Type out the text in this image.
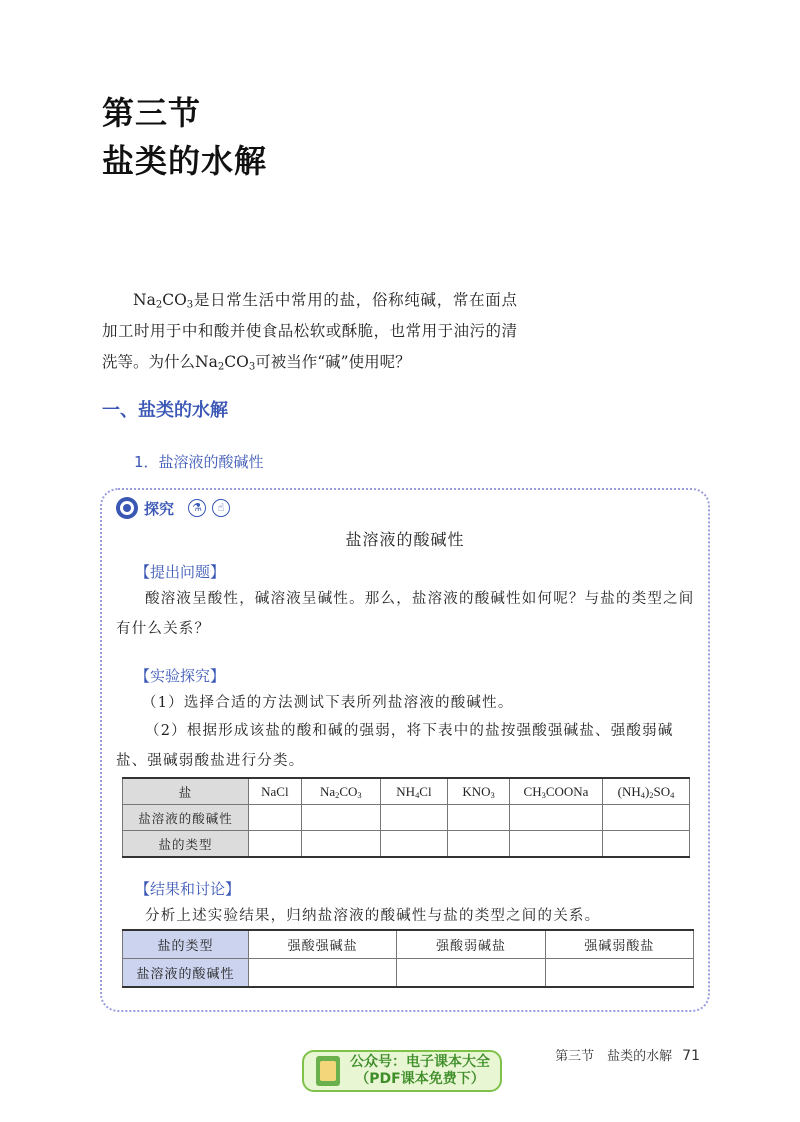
第三节
盐类的水解
$Na_2CO_3$是日常生活中常用的盐，俗称纯碱，常在面点加工时用于中和酸并使食品松软或酥脆，也常用于油污的清洗等。为什么$Na_2CO_3$可被当作“碱”使用呢？
一、盐类的水解
1．盐溶液的酸碱性
探究	⚗	☝
盐溶液的酸碱性
【提出问题】
酸溶液呈酸性，碱溶液呈碱性。那么，盐溶液的酸碱性如何呢？与盐的类型之间有什么关系？
【实验探究】
（1）选择合适的方法测试下表所列盐溶液的酸碱性。
（2）根据形成该盐的酸和碱的强弱，将下表中的盐按强酸强碱盐、强酸弱碱盐、强碱弱酸盐进行分类。
盐	NaCl	$Na_2CO_3$	$NH_4Cl$	$KNO_3$	$CH_3COONa$	$(NH_4)_2SO_4$
盐溶液的酸碱性						
盐的类型						
【结果和讨论】
分析上述实验结果，归纳盐溶液的酸碱性与盐的类型之间的关系。
盐的类型	强酸强碱盐	强酸弱碱盐	强碱弱酸盐
盐溶液的酸碱性			
第三节　盐类的水解 71
公众号：电子课本大全
（PDF课本免费下）
